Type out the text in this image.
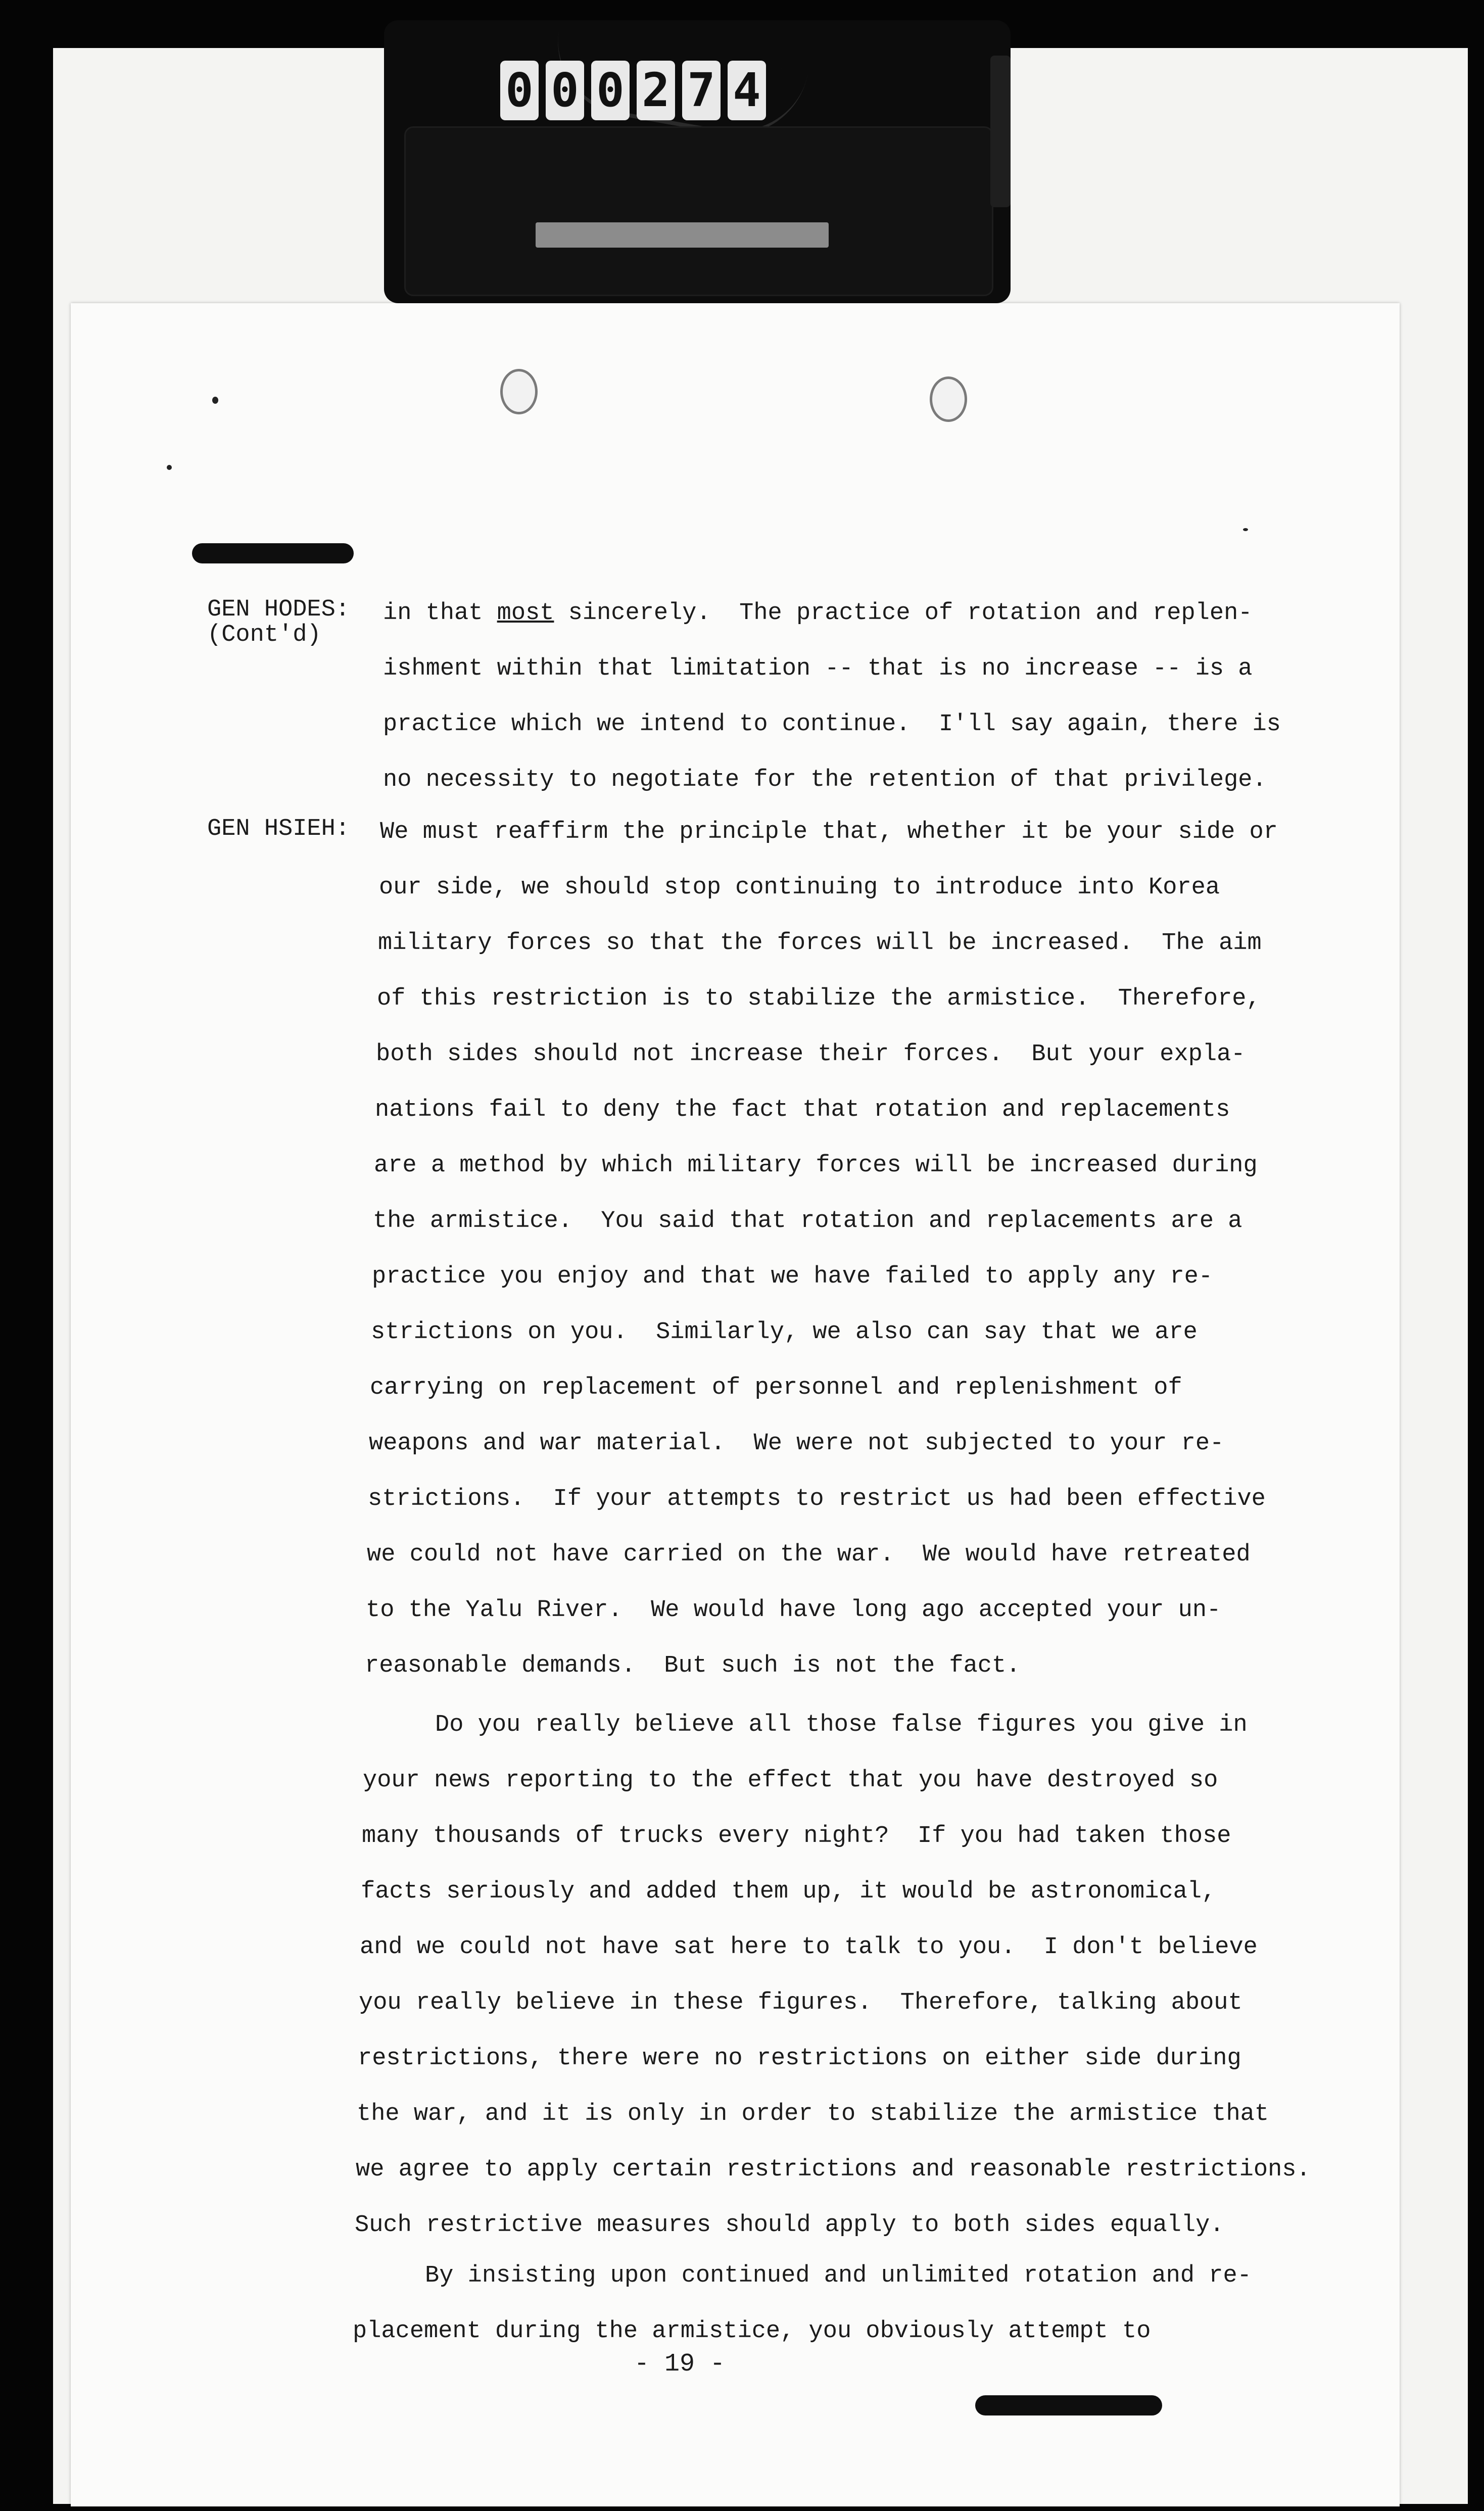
0 0 0 2 7 4
GEN HODES:
(Cont'd)
GEN HSIEH:
in that most sincerely.  The practice of rotation and replen-
ishment within that limitation -- that is no increase -- is a
practice which we intend to continue.  I'll say again, there is
no necessity to negotiate for the retention of that privilege.
We must reaffirm the principle that, whether it be your side or
our side, we should stop continuing to introduce into Korea
military forces so that the forces will be increased.  The aim
of this restriction is to stabilize the armistice.  Therefore,
both sides should not increase their forces.  But your expla-
nations fail to deny the fact that rotation and replacements
are a method by which military forces will be increased during
the armistice.  You said that rotation and replacements are a
practice you enjoy and that we have failed to apply any re-
strictions on you.  Similarly, we also can say that we are
carrying on replacement of personnel and replenishment of
weapons and war material.  We were not subjected to your re-
strictions.  If your attempts to restrict us had been effective
we could not have carried on the war.  We would have retreated
to the Yalu River.  We would have long ago accepted your un-
reasonable demands.  But such is not the fact.
Do you really believe all those false figures you give in
your news reporting to the effect that you have destroyed so
many thousands of trucks every night?  If you had taken those
facts seriously and added them up, it would be astronomical,
and we could not have sat here to talk to you.  I don't believe
you really believe in these figures.  Therefore, talking about
restrictions, there were no restrictions on either side during
the war, and it is only in order to stabilize the armistice that
we agree to apply certain restrictions and reasonable restrictions.
Such restrictive measures should apply to both sides equally.
By insisting upon continued and unlimited rotation and re-
placement during the armistice, you obviously attempt to
- 19 -
